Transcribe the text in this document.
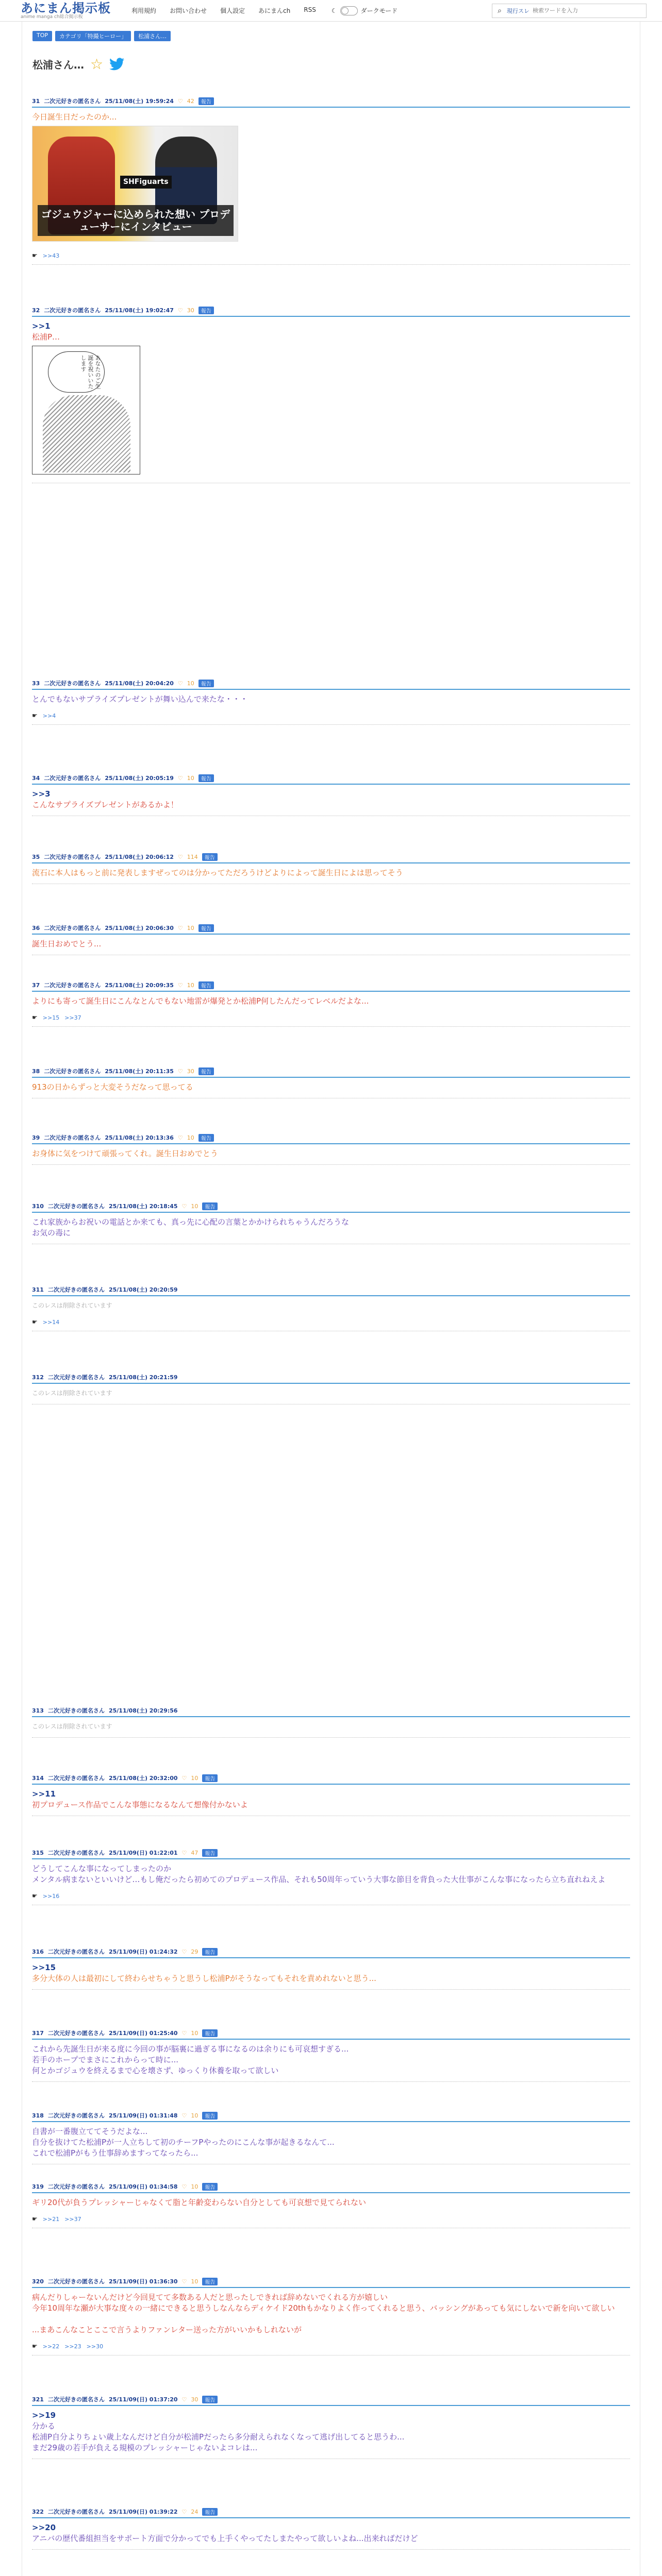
あにまん掲示板
anime manga ch総合掲示板
利用規約 お問い合わせ 個人設定 あにまんch RSS	☾	ダークモード	⌕ 現行スレ
検索ワードを入力
TOP	カテゴリ「特撮ヒーロー」	松浦さん…
松浦さん… ☆
31 二次元好きの匿名さん 25/11/08(土) 19:59:24 ♡ 42	報告
今日誕生日だったのか...
SHFiguarts
ゴジュウジャーに込められた想い プロデューサーにインタビュー
☛ >>43
32 二次元好きの匿名さん 25/11/08(土) 19:02:47 ♡ 30	報告
>>1
松浦P…
あなたのご生誕を祝いいたします
33 二次元好きの匿名さん 25/11/08(土) 20:04:20 ♡ 10	報告
とんでもないサプライズプレゼントが舞い込んで来たな・・・
☛ >>4
34 二次元好きの匿名さん 25/11/08(土) 20:05:19 ♡ 10	報告
>>3
こんなサプライズプレゼントがあるかよ！
35 二次元好きの匿名さん 25/11/08(土) 20:06:12 ♡ 114	報告
流石に本人はもっと前に発表しますぜってのは分かってただろうけどよりによって誕生日によは思ってそう
36 二次元好きの匿名さん 25/11/08(土) 20:06:30 ♡ 10	報告
誕生日おめでとう...
37 二次元好きの匿名さん 25/11/08(土) 20:09:35 ♡ 10	報告
よりにも寄って誕生日にこんなとんでもない地雷が爆発とか松浦P何したんだってレベルだよな...
☛ >>15 >>37
38 二次元好きの匿名さん 25/11/08(土) 20:11:35 ♡ 30	報告
913の日からずっと大変そうだなって思ってる
39 二次元好きの匿名さん 25/11/08(土) 20:13:36 ♡ 10	報告
お身体に気をつけて頑張ってくれ。誕生日おめでとう
310 二次元好きの匿名さん 25/11/08(土) 20:18:45 ♡ 10	報告
これ家族からお祝いの電話とか来ても、真っ先に心配の言葉とかかけられちゃうんだろうな
お気の毒に
311 二次元好きの匿名さん 25/11/08(土) 20:20:59
このレスは削除されています
☛ >>14
312 二次元好きの匿名さん 25/11/08(土) 20:21:59
このレスは削除されています
313 二次元好きの匿名さん 25/11/08(土) 20:29:56
このレスは削除されています
314 二次元好きの匿名さん 25/11/08(土) 20:32:00 ♡ 10	報告
>>11
初プロデュース作品でこんな事態になるなんて想像付かないよ
315 二次元好きの匿名さん 25/11/09(日) 01:22:01 ♡ 47	報告
どうしてこんな事になってしまったのか
メンタル病まないといいけど…もし俺だったら初めてのプロデュース作品、それも50周年っていう大事な節目を背負った大仕事がこんな事になったら立ち直れねえよ
☛ >>16
316 二次元好きの匿名さん 25/11/09(日) 01:24:32 ♡ 29	報告
>>15
多分大体の人は最初にして終わらせちゃうと思うし松浦Pがそうなってもそれを責めれないと思う...
317 二次元好きの匿名さん 25/11/09(日) 01:25:40 ♡ 10	報告
これから先誕生日が来る度に今回の事が脳裏に過ぎる事になるのは余りにも可哀想すぎる...
若手のホープでまさにこれからって時に...
何とかゴジュウを終えるまで心を壊さず、ゆっくり休養を取って欲しい
318 二次元好きの匿名さん 25/11/09(日) 01:31:48 ♡ 10	報告
自書が一番腹立ててそうだよな...
自分を抜けてた松浦Pが一人立ちして初のチーフPやったのにこんな事が起きるなんて...
これで松浦Pがもう仕事辞めますってなったら...
319 二次元好きの匿名さん 25/11/09(日) 01:34:58 ♡ 10	報告
ギリ20代が負うプレッシャーじゃなくて脂と年齢変わらない自分としても可哀想で見てられない
☛ >>21 >>37
320 二次元好きの匿名さん 25/11/09(日) 01:36:30 ♡ 10	報告
病んだりしゃーないんだけど今回見てて多数ある人だと思ったしできれば辞めないでくれる方が嬉しい
今年10周年な瀬が大事な度々の一緒にできると思うしなんならディケイド20thもかなりよく作ってくれると思う、バッシングがあっても気にしないで新を向いて欲しい

...まあこんなことここで言うよりファンレター送った方がいいかもしれないが
☛ >>22 >>23 >>30
321 二次元好きの匿名さん 25/11/09(日) 01:37:20 ♡ 30	報告
>>19
分かる
松浦P自分よりちょい歳上なんだけど自分が松浦Pだったら多分耐えられなくなって逃げ出してると思うわ...
まだ29歳の若手が負える規模のプレッシャーじゃないよコレは...
322 二次元好きの匿名さん 25/11/09(日) 01:39:22 ♡ 24	報告
>>20
アニバの歴代番組担当をサポート方面で分かってでも上手くやってたしまたやって欲しいよね...出来ればだけど
